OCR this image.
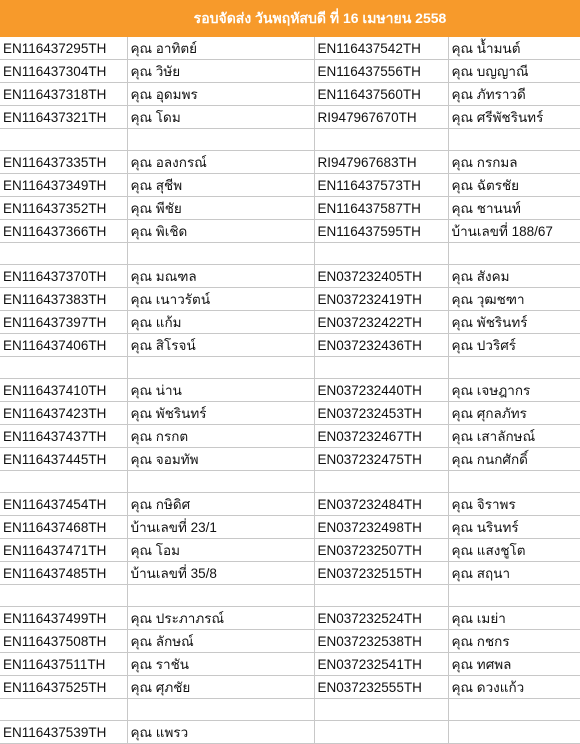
รอบจัดส่ง วันพฤหัสบดี ที่ 16 เมษายน 2558
EN116437295TH	คุณ อาทิตย์	EN116437542TH	คุณ น้ำมนต์
EN116437304TH	คุณ วิษัย	EN116437556TH	คุณ บญญาณี
EN116437318TH	คุณ อุดมพร	EN116437560TH	คุณ ภัทราวดี
EN116437321TH	คุณ โดม	RI947967670TH	คุณ ศรีพัชรินทร์

EN116437335TH	คุณ อลงกรณ์	RI947967683TH	คุณ กรกมล
EN116437349TH	คุณ สุชีพ	EN116437573TH	คุณ ฉัตรชัย
EN116437352TH	คุณ พีชัย	EN116437587TH	คุณ ชานนท์
EN116437366TH	คุณ พิเชิด	EN116437595TH	บ้านเลขที่ 188/67

EN116437370TH	คุณ มณฑล	EN037232405TH	คุณ สังคม
EN116437383TH	คุณ เนาวรัตน์	EN037232419TH	คุณ วุฒชฑา
EN116437397TH	คุณ แก้ม	EN037232422TH	คุณ พัชรินทร์
EN116437406TH	คุณ สิโรจน์	EN037232436TH	คุณ ปวริศร์

EN116437410TH	คุณ น่าน	EN037232440TH	คุณ เจษฎากร
EN116437423TH	คุณ พัชรินทร์	EN037232453TH	คุณ ศุกลภัทร
EN116437437TH	คุณ กรกต	EN037232467TH	คุณ เสาลักษณ์
EN116437445TH	คุณ จอมทัพ	EN037232475TH	คุณ กนกศักดิ์

EN116437454TH	คุณ กษิดิศ	EN037232484TH	คุณ จิราพร
EN116437468TH	บ้านเลขที่ 23/1	EN037232498TH	คุณ นรินทร์
EN116437471TH	คุณ โอม	EN037232507TH	คุณ แสงชูโต
EN116437485TH	บ้านเลขที่ 35/8	EN037232515TH	คุณ สฤนา

EN116437499TH	คุณ ประภาภรณ์	EN037232524TH	คุณ เมย่า
EN116437508TH	คุณ ลักษณ์	EN037232538TH	คุณ กชกร
EN116437511TH	คุณ ราชัน	EN037232541TH	คุณ ทศพล
EN116437525TH	คุณ ศุภชัย	EN037232555TH	คุณ ดวงแก้ว

EN116437539TH	คุณ แพรว		
